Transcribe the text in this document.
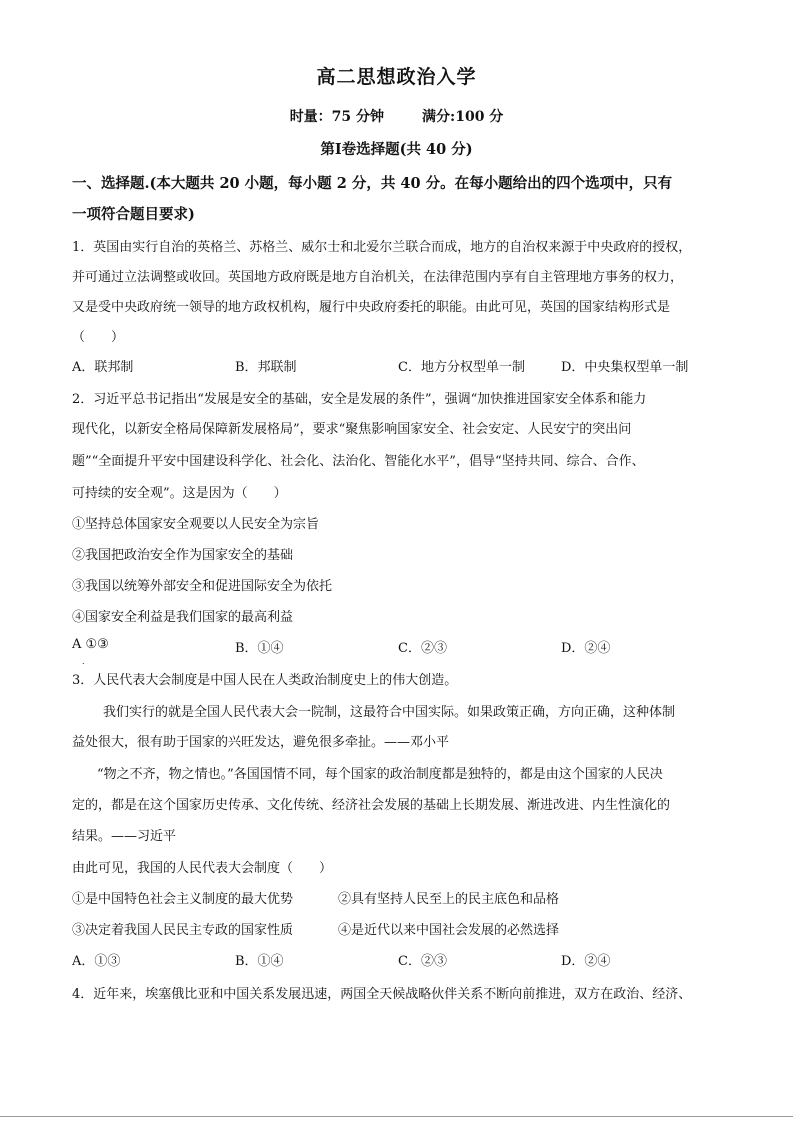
高二思想政治入学
时量：75 分钟	满分:100 分
第Ⅰ卷选择题(共 40 分)
一、选择题.(本大题共 20 小题，每小题 2 分，共 40 分。在每小题给出的四个选项中，只有
一项符合题目要求)
1．英国由实行自治的英格兰、苏格兰、威尔士和北爱尔兰联合而成，地方的自治权来源于中央政府的授权，
并可通过立法调整或收回。英国地方政府既是地方自治机关，在法律范围内享有自主管理地方事务的权力，
又是受中央政府统一领导的地方政权机构，履行中央政府委托的职能。由此可见，英国的国家结构形式是
（　　）
A．联邦制	B．邦联制	C．地方分权型单一制	D．中央集权型单一制
2．习近平总书记指出“发展是安全的基础，安全是发展的条件”，强调“加快推进国家安全体系和能力
现代化，以新安全格局保障新发展格局”，要求“聚焦影响国家安全、社会安定、人民安宁的突出问
题”“全面提升平安中国建设科学化、社会化、法治化、智能化水平”，倡导“坚持共同、综合、合作、
可持续的安全观”。这是因为（　　）
①坚持总体国家安全观要以人民安全为宗旨
②我国把政治安全作为国家安全的基础
③我国以统筹外部安全和促进国际安全为依托
④国家安全利益是我们国家的最高利益
A ①③	B．①④	C．②③	D．②④
.
3．人民代表大会制度是中国人民在人类政治制度史上的伟大创造。
我们实行的就是全国人民代表大会一院制，这最符合中国实际。如果政策正确，方向正确，这种体制
益处很大，很有助于国家的兴旺发达，避免很多牵扯。——邓小平
“物之不齐，物之情也。”各国国情不同，每个国家的政治制度都是独特的，都是由这个国家的人民决
定的，都是在这个国家历史传承、文化传统、经济社会发展的基础上长期发展、渐进改进、内生性演化的
结果。——习近平
由此可见，我国的人民代表大会制度（　　）
①是中国特色社会主义制度的最大优势	②具有坚持人民至上的民主底色和品格
③决定着我国人民民主专政的国家性质	④是近代以来中国社会发展的必然选择
A．①③	B．①④	C．②③	D．②④
4．近年来，埃塞俄比亚和中国关系发展迅速，两国全天候战略伙伴关系不断向前推进，双方在政治、经济、
